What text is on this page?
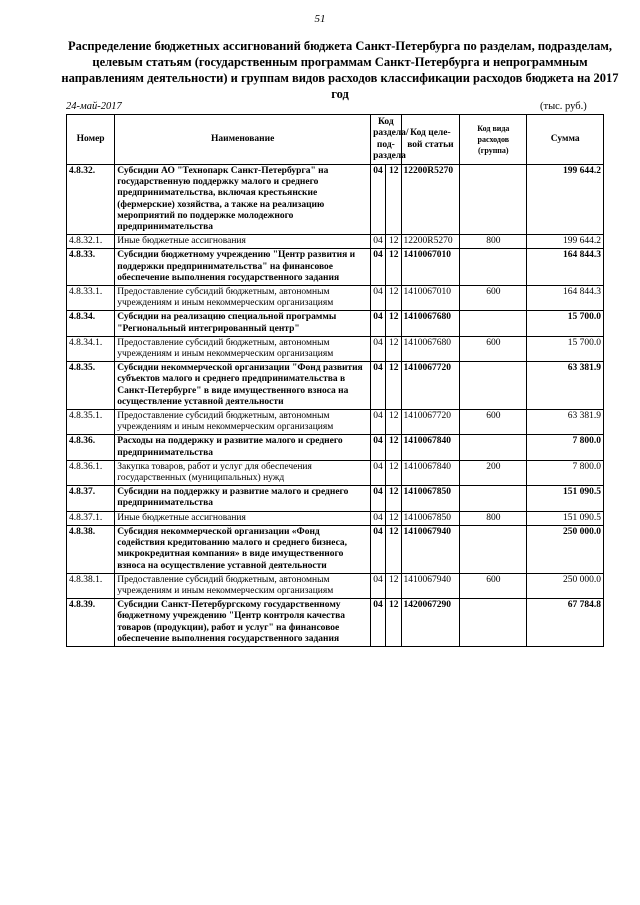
51
Распределение бюджетных ассигнований бюджета Санкт-Петербурга по разделам, подразделам, целевым статьям (государственным программам Санкт-Петербурга и непрограммным направлениям деятельности) и группам видов расходов классификации расходов бюджета на 2017 год
24-май-2017	(тыс. руб.)
Номер	Наименование	Код раздела/ под-раздела		Код целе-вой статьи	Код вида расходов (группа)	Сумма
4.8.32.	Субсидии АО "Технопарк Санкт-Петербурга" на государственную поддержку малого и среднего предпринимательства, включая крестьянские (фермерские) хозяйства, а также на реализацию мероприятий по поддержке молодежного предпринимательства	04	12	12200R5270		199 644.2
4.8.32.1.	Иные бюджетные ассигнования	04	12	12200R5270	800	199 644.2
4.8.33.	Субсидии бюджетному учреждению "Центр развития и поддержки предпринимательства" на финансовое обеспечение выполнения государственного задания	04	12	1410067010		164 844.3
4.8.33.1.	Предоставление субсидий бюджетным, автономным учреждениям и иным некоммерческим организациям	04	12	1410067010	600	164 844.3
4.8.34.	Субсидии на реализацию специальной программы "Региональный интегрированный центр"	04	12	1410067680		15 700.0
4.8.34.1.	Предоставление субсидий бюджетным, автономным учреждениям и иным некоммерческим организациям	04	12	1410067680	600	15 700.0
4.8.35.	Субсидии некоммерческой организации "Фонд развития субъектов малого и среднего предпринимательства в Санкт-Петербурге" в виде имущественного взноса на осуществление уставной деятельности	04	12	1410067720		63 381.9
4.8.35.1.	Предоставление субсидий бюджетным, автономным учреждениям и иным некоммерческим организациям	04	12	1410067720	600	63 381.9
4.8.36.	Расходы на поддержку и развитие малого и среднего предпринимательства	04	12	1410067840		7 800.0
4.8.36.1.	Закупка товаров, работ и услуг для обеспечения государственных (муниципальных) нужд	04	12	1410067840	200	7 800.0
4.8.37.	Субсидии на поддержку и развитие малого и среднего предпринимательства	04	12	1410067850		151 090.5
4.8.37.1.	Иные бюджетные ассигнования	04	12	1410067850	800	151 090.5
4.8.38.	Субсидия некоммерческой организации «Фонд содействия кредитованию малого и среднего бизнеса, микрокредитная компания» в виде имущественного взноса на осуществление уставной деятельности	04	12	1410067940		250 000.0
4.8.38.1.	Предоставление субсидий бюджетным, автономным учреждениям и иным некоммерческим организациям	04	12	1410067940	600	250 000.0
4.8.39.	Субсидии Санкт-Петербургскому государственному бюджетному учреждению "Центр контроля качества товаров (продукции), работ и услуг" на финансовое обеспечение выполнения государственного задания	04	12	1420067290		67 784.8
